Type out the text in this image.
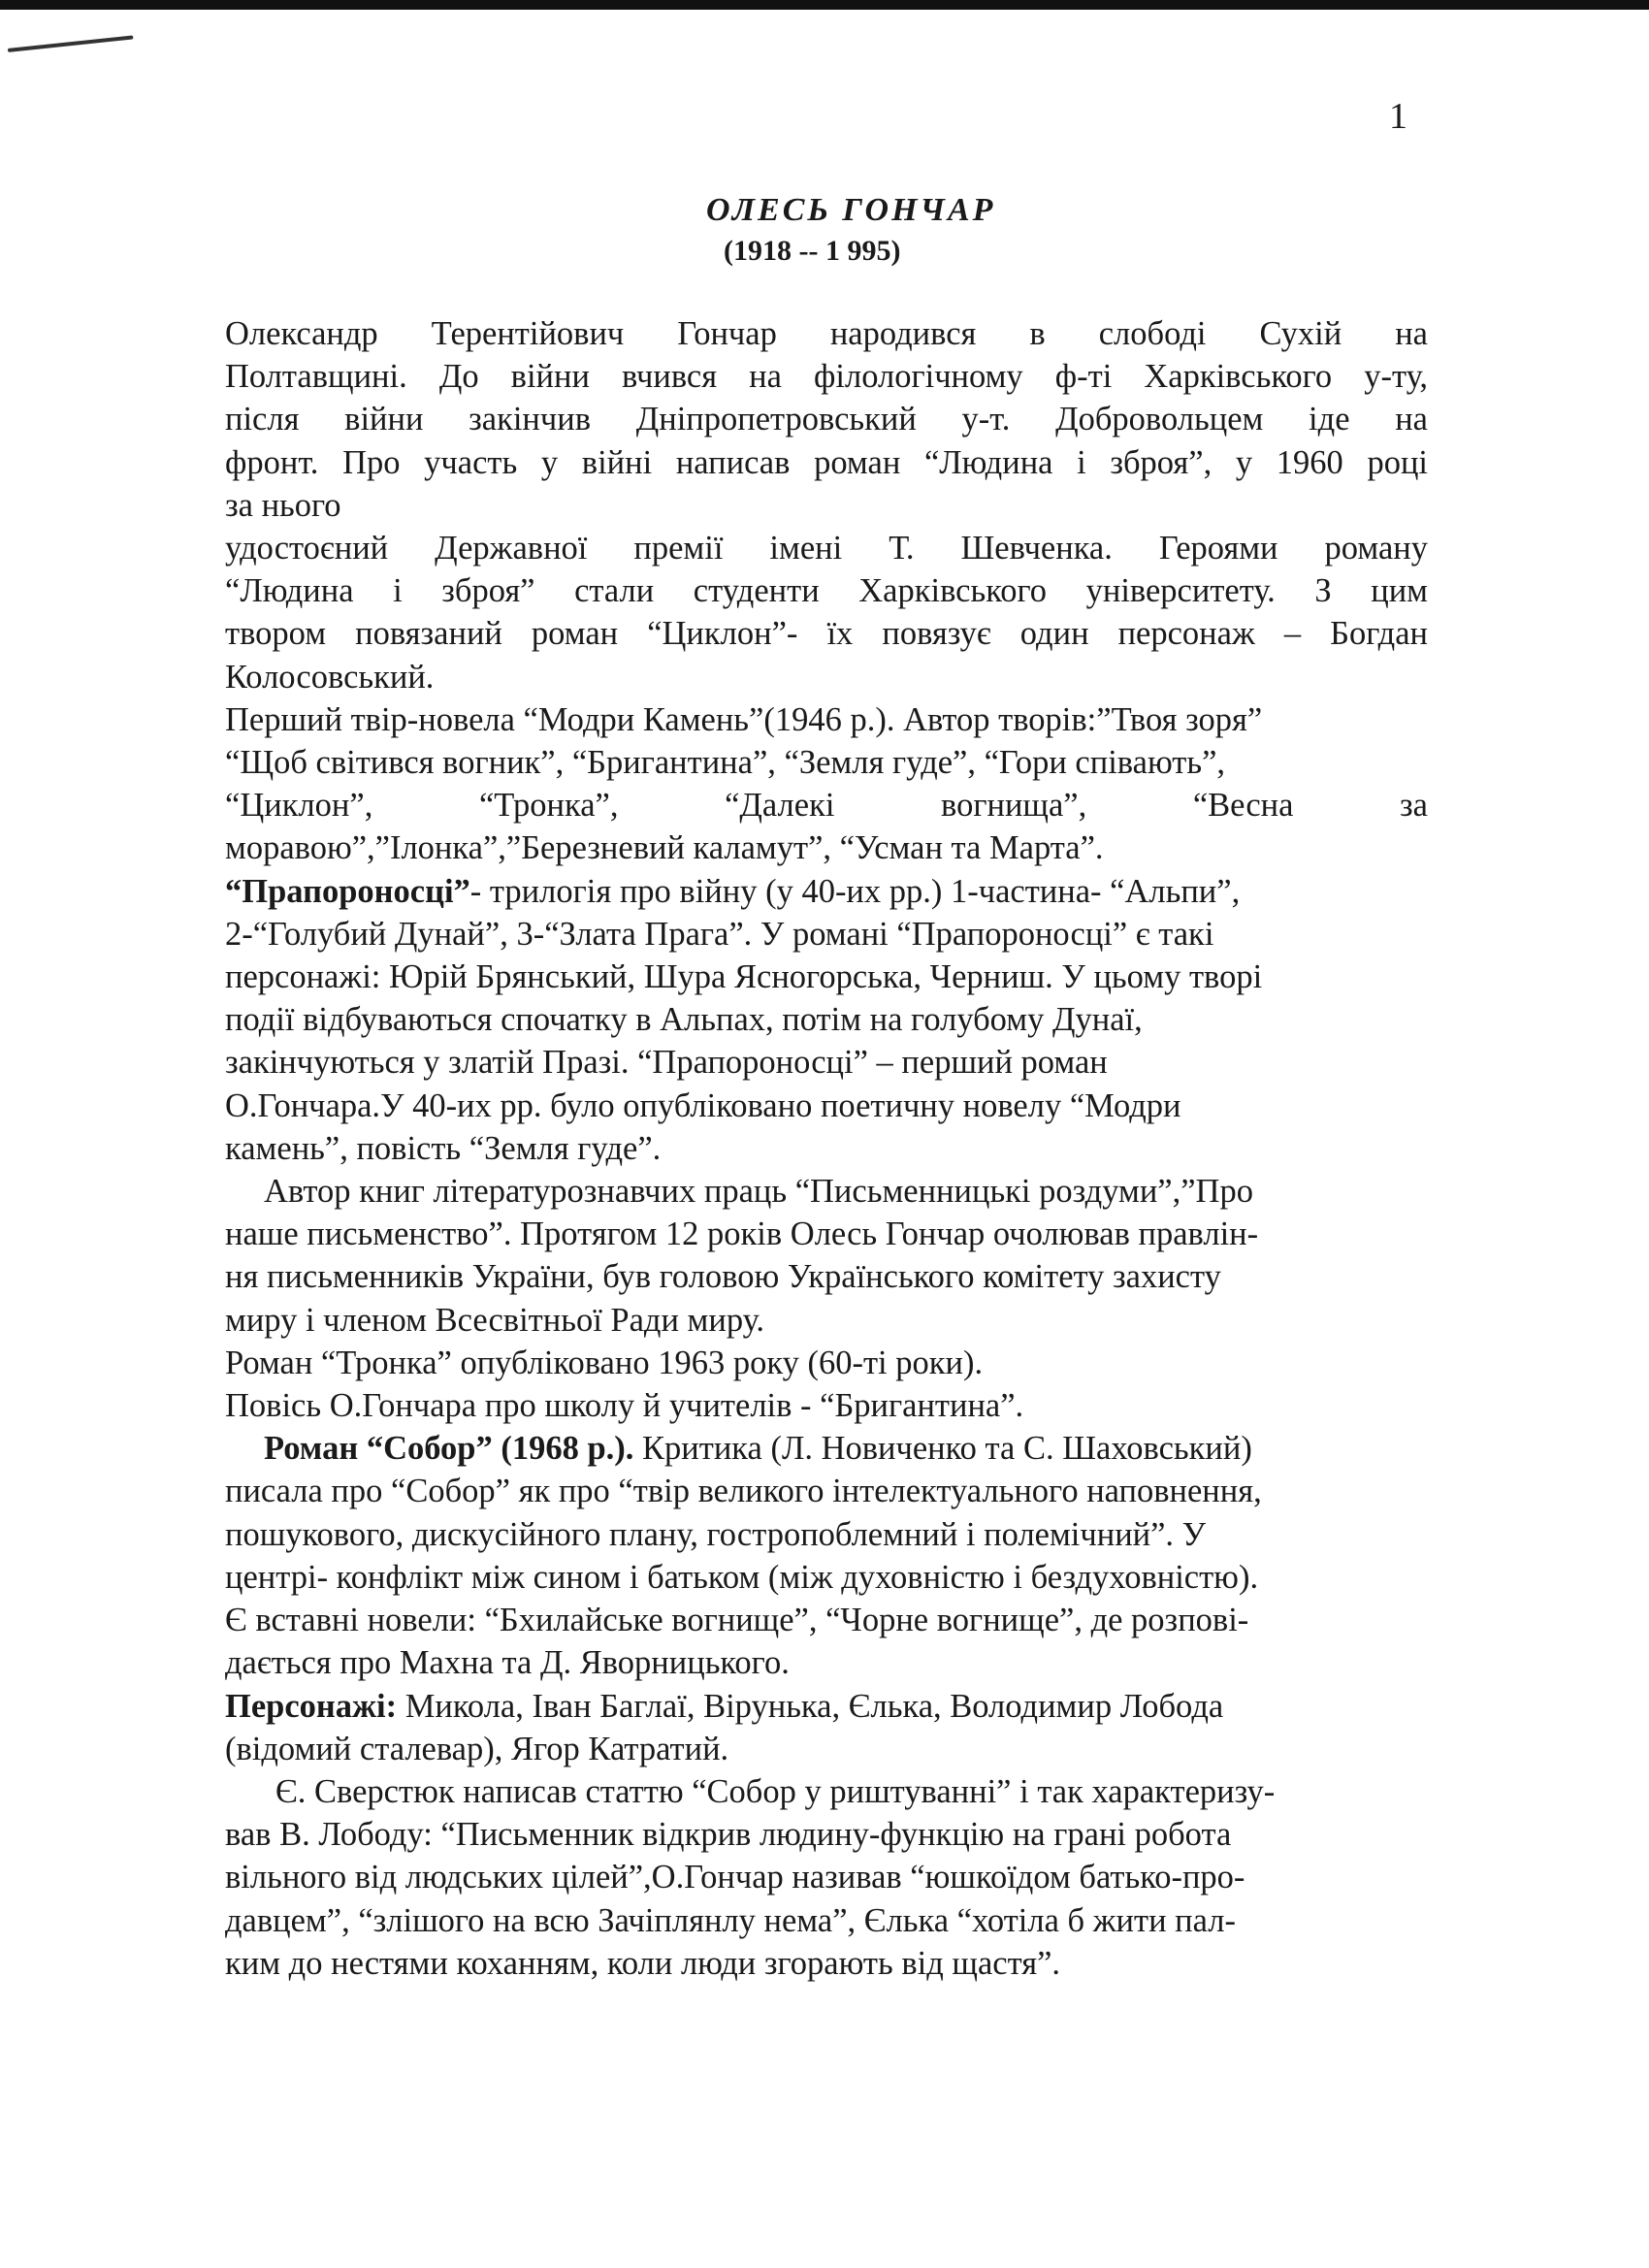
1
ОЛЕСЬ ГОНЧАР
(1918 -- 1 995)

Олександр Терентійович Гончар народився в слободі Сухій на

Полтавщині. До війни вчився на філологічному ф-ті Харківського у-ту,

після війни закінчив Дніпропетровський у-т. Добровольцем іде на

фронт. Про участь у війні написав роман “Людина і зброя”, у 1960 році

за нього

удостоєний Державної премії імені Т. Шевченка. Героями роману

“Людина і зброя” стали студенти Харківського університету. З цим

твором повязаний роман “Циклон”- їх повязує один персонаж – Богдан

Колосовський.

Перший твір-новела “Модри Камень”(1946 р.). Автор творів:”Твоя зоря”

“Щоб світився вогник”, “Бригантина”, “Земля гуде”, “Гори співають”,

“Циклон”, “Тронка”, “Далекі вогнища”, “Весна за

моравою”,”Ілонка”,”Березневий каламут”, “Усман та Марта”.

“Прапороносці”- трилогія про війну (у 40-их рр.) 1-частина- “Альпи”,

2-“Голубий Дунай”, 3-“Злата Прага”. У романі “Прапороносці” є такі

персонажі: Юрій Брянський, Шура Ясногорська, Черниш. У цьому творі

події відбуваються спочатку в Альпах, потім на голубому Дунаї,

закінчуються у златій Празі. “Прапороносці” – перший роман

О.Гончара.У 40-их рр. було опубліковано поетичну новелу “Модри

камень”, повість “Земля гуде”.

Автор книг літературознавчих праць “Письменницькі роздуми”,”Про

наше письменство”. Протягом 12 років Олесь Гончар очолював правлін-

ня письменників України, був головою Українського комітету захисту

миру і членом Всесвітньої Ради миру.

Роман “Тронка” опубліковано 1963 року (60-ті роки).

Повісь О.Гончара про школу й учителів - “Бригантина”.

Роман “Собор” (1968 р.). Критика (Л. Новиченко та С. Шаховський)

писала про “Собор” як про “твір великого інтелектуального наповнення,

пошукового, дискусійного плану, гостропоблемний і полемічний”. У

центрі- конфлікт між сином і батьком (між духовністю і бездуховністю).

Є вставні новели: “Бхилайське вогнище”, “Чорне вогнище”, де розпові-

дається про Махна та Д. Яворницького.

Персонажі: Микола, Іван Баглаї, Вірунька, Єлька, Володимир Лобода

(відомий сталевар), Ягор Катратий.

Є. Сверстюк написав статтю “Собор у риштуванні” і так характеризу-

вав В. Лободу: “Письменник відкрив людину-функцію на грані робота

вільного від людських цілей”,О.Гончар називав “юшкоїдом батько-про-

давцем”, “злішого на всю Зачіплянлу нема”, Єлька “хотіла б жити пал-

ким до нестями коханням, коли люди згорають від щастя”.
